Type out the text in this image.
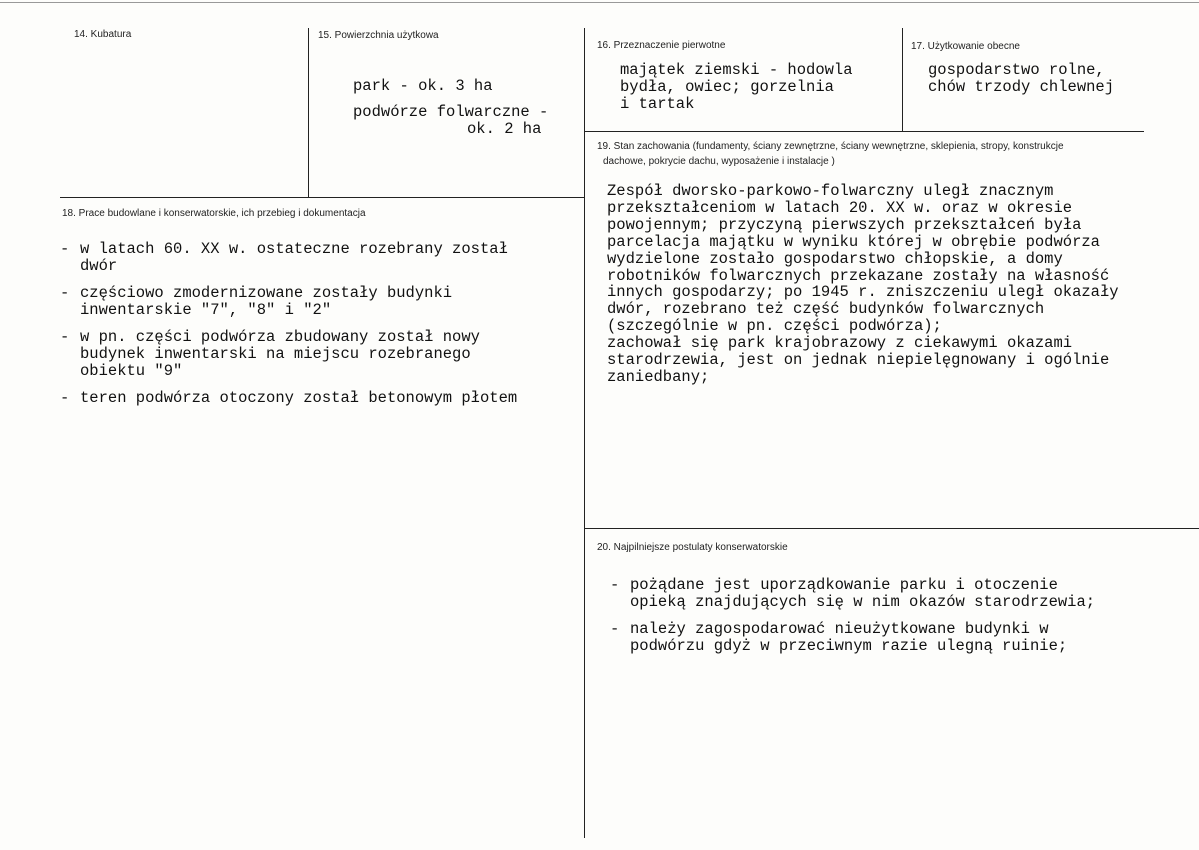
14. Kubatura	15. Powierzchnia użytkowa
park - ok. 3 ha
podwórze folwarczne -
ok. 2 ha
16. Przeznaczenie pierwotne
majątek ziemski - hodowla
bydła, owiec; gorzelnia
i tartak
17. Użytkowanie obecne
gospodarstwo rolne,
chów trzody chlewnej
18. Prace budowlane i konserwatorskie, ich przebieg i dokumentacja
- w latach 60. XX w. ostateczne rozebrany został
dwór
- częściowo zmodernizowane zostały budynki
inwentarskie "7", "8" i "2"
- w pn. części podwórza zbudowany został nowy
budynek inwentarski na miejscu rozebranego
obiektu "9"
- teren podwórza otoczony został betonowym płotem
19. Stan zachowania (fundamenty, ściany zewnętrzne, ściany wewnętrzne, sklepienia, stropy, konstrukcje
dachowe, pokrycie dachu, wyposażenie i instalacje )
Zespół dworsko-parkowo-folwarczny uległ znacznym
przekształceniom w latach 20. XX w. oraz w okresie
powojennym; przyczyną pierwszych przekształceń była
parcelacja majątku w wyniku której w obrębie podwórza
wydzielone zostało gospodarstwo chłopskie, a domy
robotników folwarcznych przekazane zostały na własność
innych gospodarzy; po 1945 r. zniszczeniu uległ okazały
dwór, rozebrano też część budynków folwarcznych
(szczególnie w pn. części podwórza);
zachował się park krajobrazowy z ciekawymi okazami
starodrzewia, jest on jednak niepielęgnowany i ogólnie
zaniedbany;
20. Najpilniejsze postulaty konserwatorskie
- pożądane jest uporządkowanie parku i otoczenie
opieką znajdujących się w nim okazów starodrzewia;
- należy zagospodarować nieużytkowane budynki w
podwórzu gdyż w przeciwnym razie ulegną ruinie;
